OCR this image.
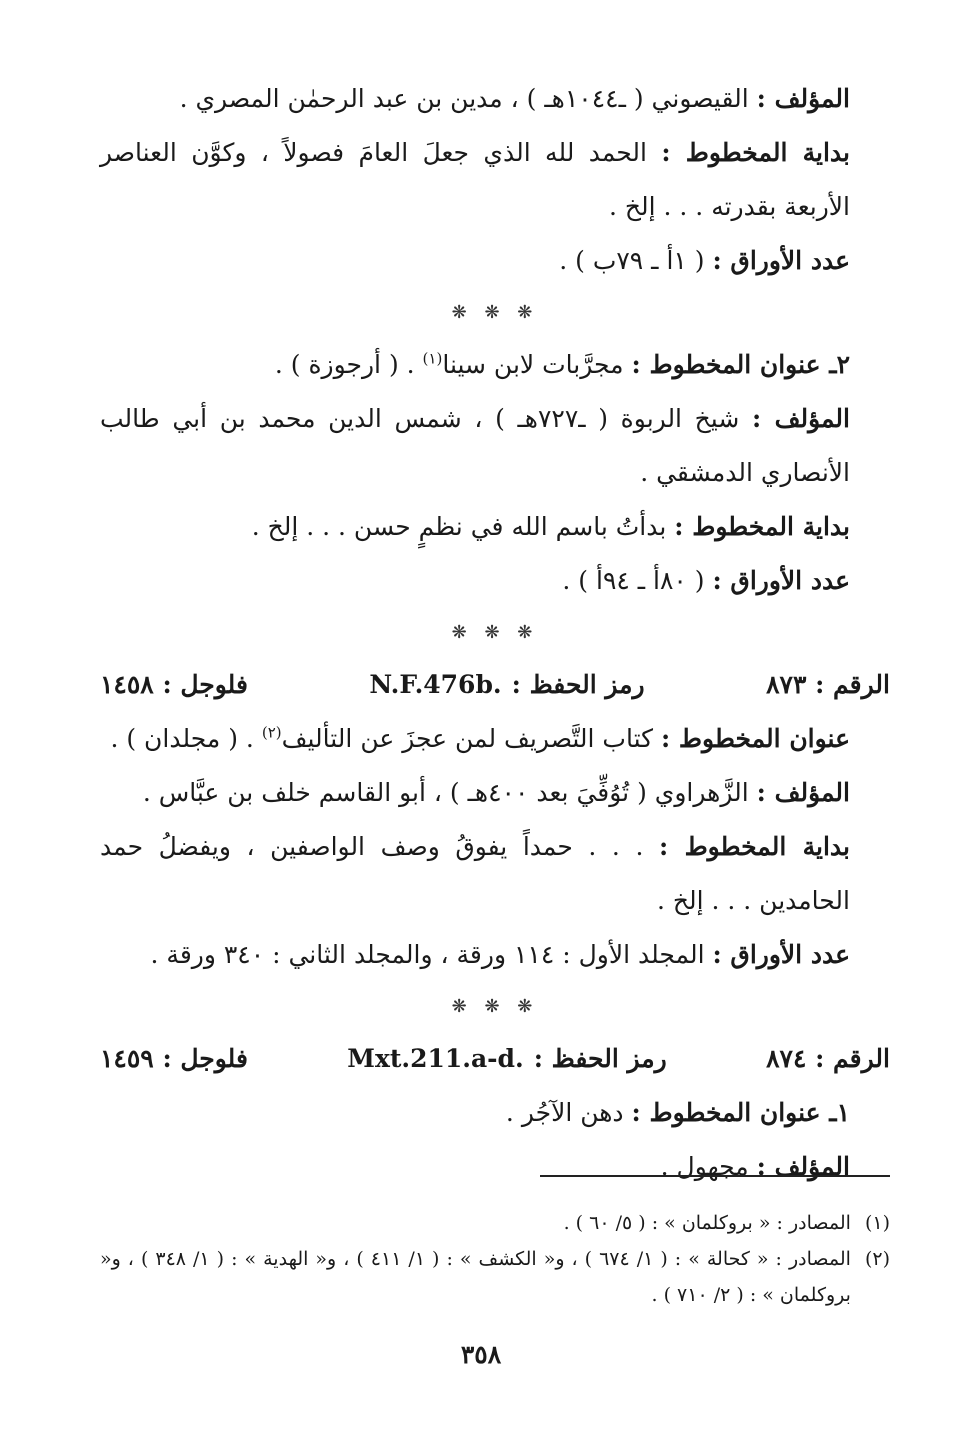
المؤلف : القيصوني ( ـ١٠٤٤هـ ) ، مدين بن عبد الرحمٰن المصري .

بداية المخطوط : الحمد لله الذي جعلَ العامَ فصولاً ، وكوَّن العناصر الأربعة بقدرته . . . إلخ .

عدد الأوراق : ( ١أ ـ ٧٩ب ) .

❋ ❋ ❋

٢ـ عنوان المخطوط : مجرَّبات لابن سينا$^{(١)}$ . ( أرجوزة ) .

المؤلف : شيخ الربوة ( ـ٧٢٧هـ ) ، شمس الدين محمد بن أبي طالب الأنصاري الدمشقي .

بداية المخطوط : بدأتُ باسم الله في نظمٍ حسن . . . إلخ .

عدد الأوراق : ( ٨٠أ ـ ٩٤أ ) .

❋ ❋ ❋
الرقم : ٨٧٣
رمز الحفظ :
N.F.476b.
فلوجل : ١٤٥٨

عنوان المخطوط : كتاب التَّصريف لمن عجزَ عن التأليف$^{(٢)}$ . ( مجلدان ) .

المؤلف : الزَّهراوي ( تُوُفِّيَ بعد ٤٠٠هـ ) ، أبو القاسم خلف بن عبَّاس .

بداية المخطوط : . . . حمداً يفوقُ وصف الواصفين ، ويفضلُ حمد الحامدين . . . إلخ .

عدد الأوراق : المجلد الأول : ١١٤ ورقة ، والمجلد الثاني : ٣٤٠ ورقة .

❋ ❋ ❋
الرقم : ٨٧٤
رمز الحفظ :
Mxt.211.a-d.
فلوجل : ١٤٥٩

١ـ عنوان المخطوط : دهن الآجُر .

المؤلف : مجهول .

(١)
المصادر : « بروكلمان » : ( ٥/ ٦٠ ) .

(٢)
المصادر : « كحالة » : ( ١/ ٦٧٤ ) ، و« الكشف » : ( ١/ ٤١١ ) ، و« الهدية » : ( ١/ ٣٤٨ ) ، و« بروكلمان » : ( ٢/ ٧١٠ ) .

٣٥٨
